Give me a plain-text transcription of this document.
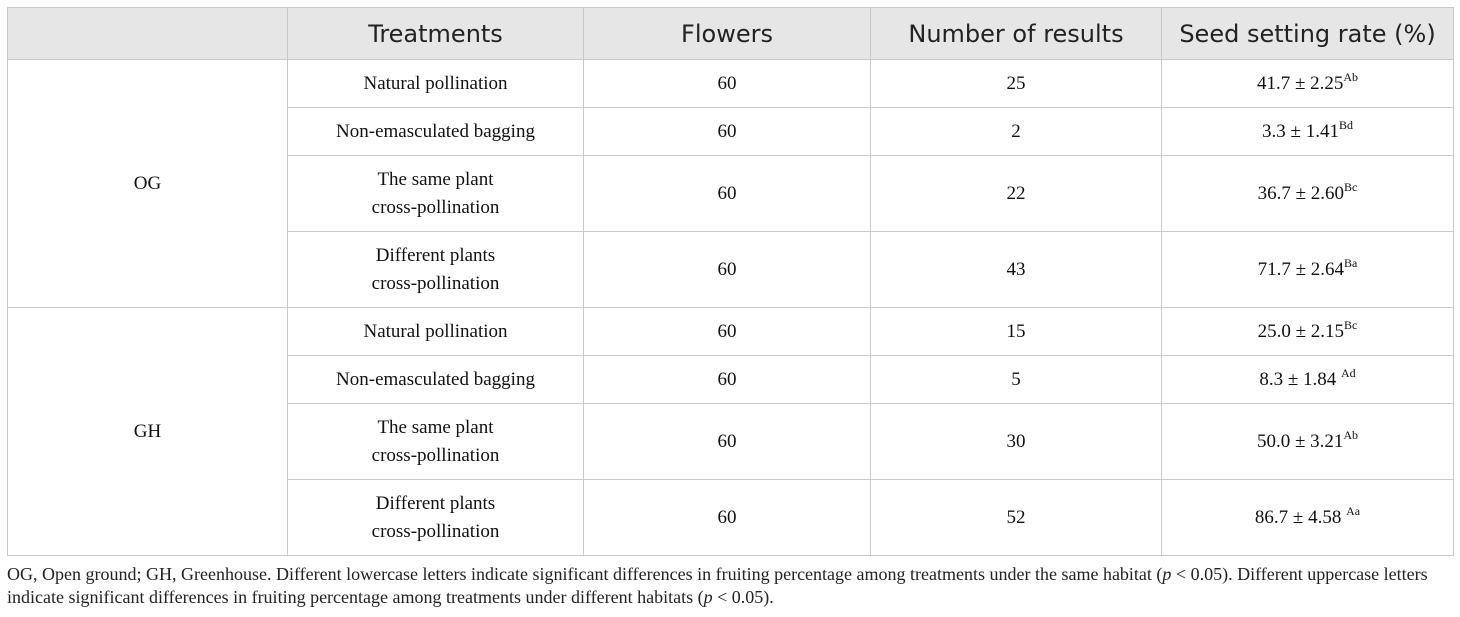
	Treatments	Flowers	Number of results	Seed setting rate (%)
OG	Natural pollination	60	25	$41.7 \pm 2.25^{Ab}$
	Non-emasculated bagging	60	2	$3.3 \pm 1.41^{Bd}$
	The same plant
cross-pollination	60	22	$36.7 \pm 2.60^{Bc}$
	Different plants
cross-pollination	60	43	$71.7 \pm 2.64^{Ba}$
GH	Natural pollination	60	15	$25.0 \pm 2.15^{Bc}$
	Non-emasculated bagging	60	5	8.3 ± 1.84 $^{Ad}$
	The same plant
cross-pollination	60	30	$50.0 \pm 3.21^{Ab}$
	Different plants
cross-pollination	60	52	86.7 ± 4.58 $^{Aa}$
OG, Open ground; GH, Greenhouse. Different lowercase letters indicate significant differences in fruiting percentage among treatments under the same habitat (p < 0.05). Different uppercase letters indicate significant differences in fruiting percentage among treatments under different habitats (p < 0.05).
